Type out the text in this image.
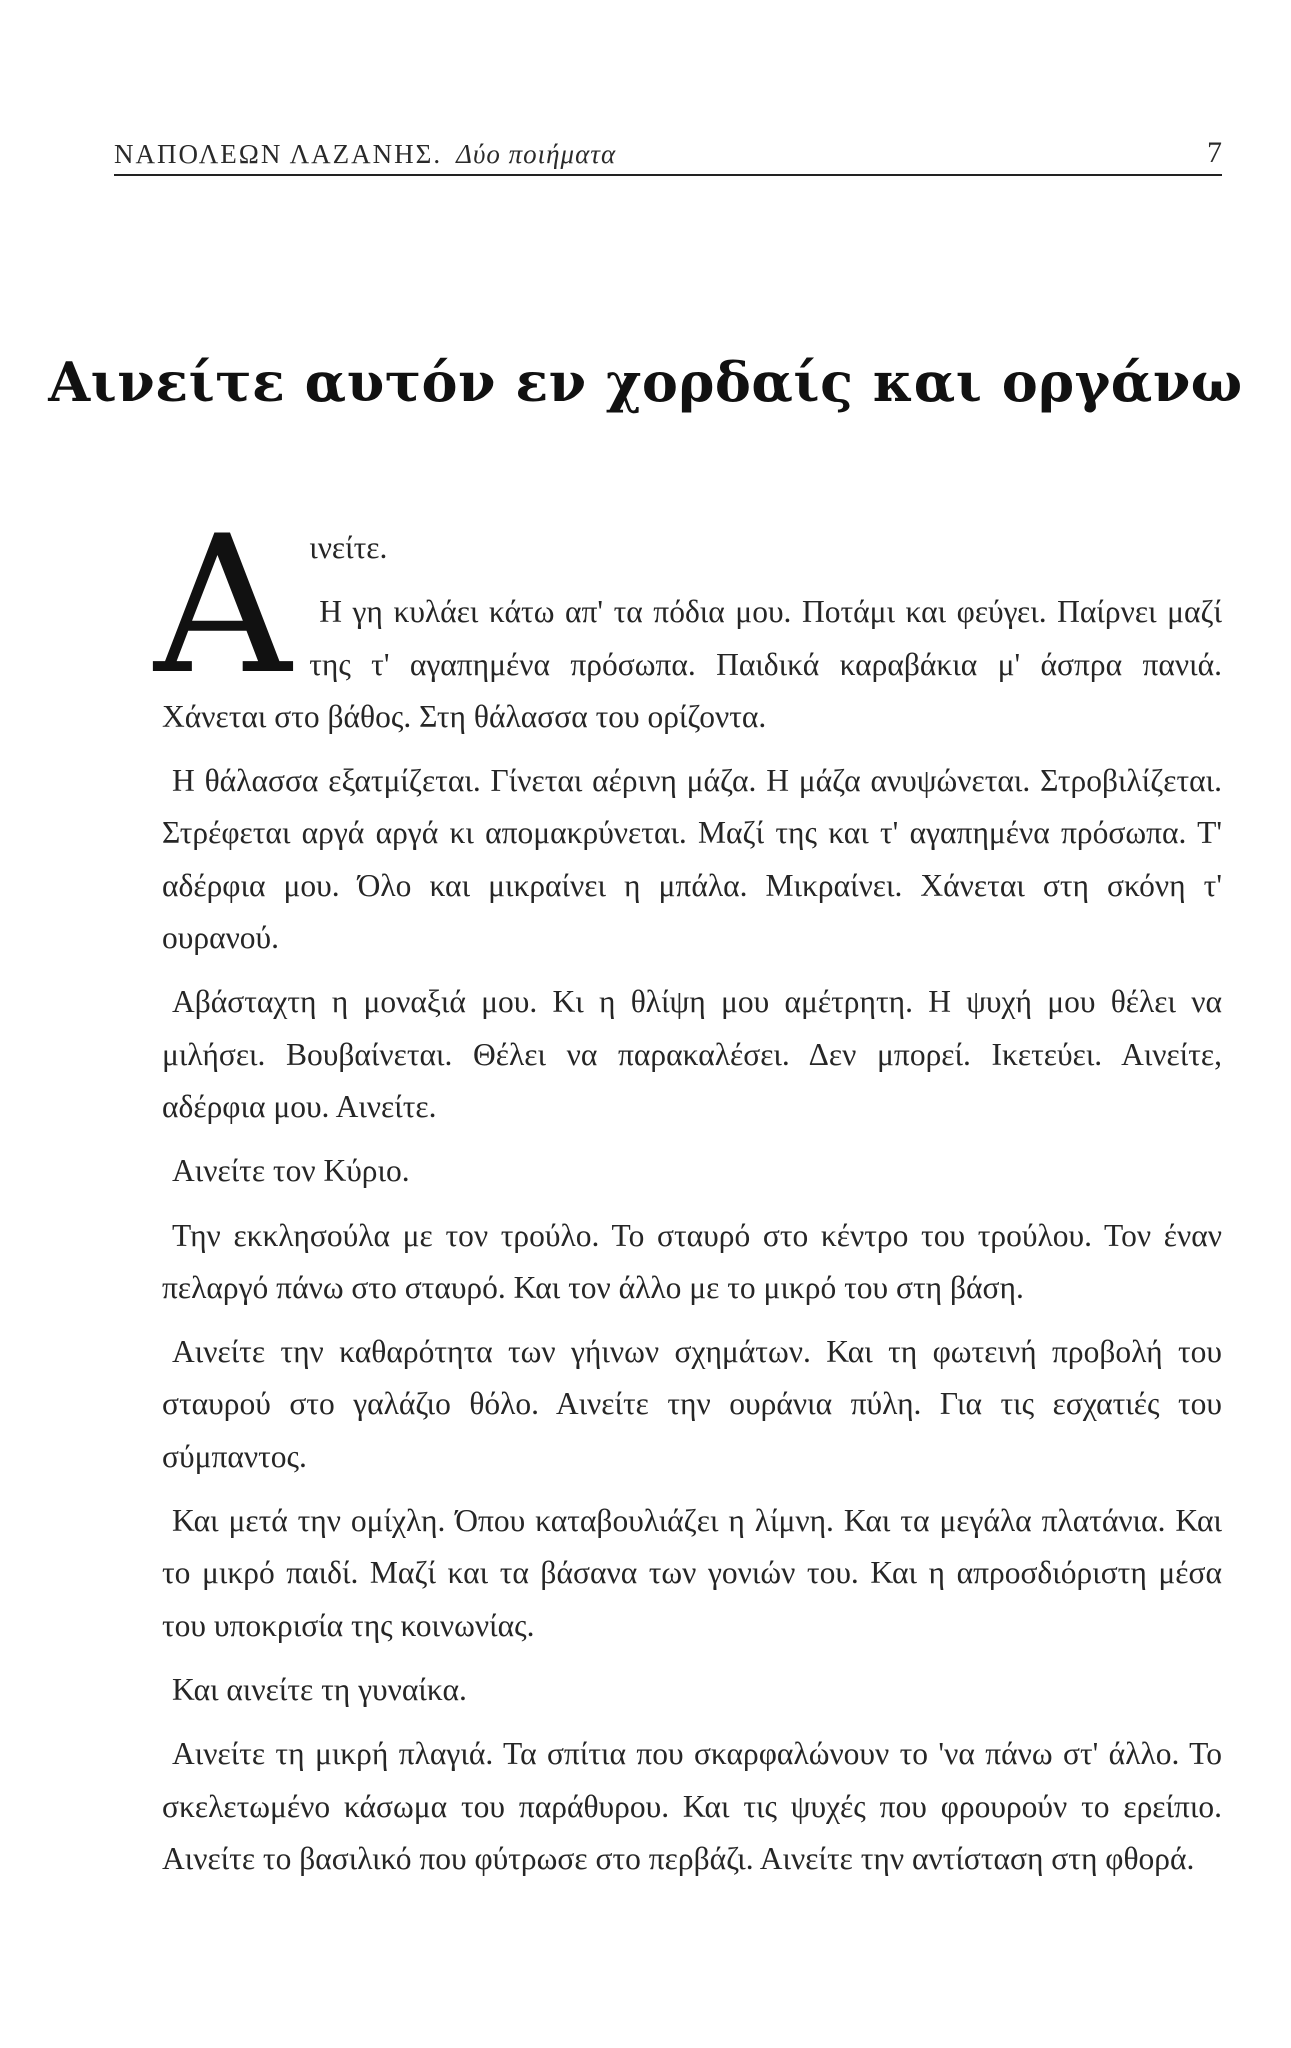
ΝΑΠΟΛΕΩΝ ΛΑΖΑΝΗΣ. Δύο ποιήματα	7
Αινείτε αυτόν εν χορδαίς και οργάνω
Α ινείτε.

Η γη κυλάει κάτω απ' τα πόδια μου. Ποτάμι και φεύγει. Παίρνει μαζί της τ' αγαπημένα πρόσωπα. Παιδικά καραβάκια μ' άσπρα πανιά. Χάνεται στο βάθος. Στη θάλασσα του ορίζοντα.

Η θάλασσα εξατμίζεται. Γίνεται αέρινη μάζα. Η μάζα ανυψώνεται. Στροβιλίζεται. Στρέφεται αργά αργά κι απομακρύνεται. Μαζί της και τ' αγαπημένα πρόσωπα. Τ' αδέρφια μου. Όλο και μικραίνει η μπάλα. Μικραίνει. Χάνεται στη σκόνη τ' ουρανού.

Αβάσταχτη η μοναξιά μου. Κι η θλίψη μου αμέτρητη. Η ψυχή μου θέλει να μιλήσει. Βουβαίνεται. Θέλει να παρακαλέσει. Δεν μπορεί. Ικετεύει. Αινείτε, αδέρφια μου. Αινείτε.

Αινείτε τον Κύριο.

Την εκκλησούλα με τον τρούλο. Το σταυρό στο κέντρο του τρούλου. Τον έναν πελαργό πάνω στο σταυρό. Και τον άλλο με το μικρό του στη βάση.

Αινείτε την καθαρότητα των γήινων σχημάτων. Και τη φωτεινή προβολή του σταυρού στο γαλάζιο θόλο. Αινείτε την ουράνια πύλη. Για τις εσχατιές του σύμπαντος.

Και μετά την ομίχλη. Όπου καταβουλιάζει η λίμνη. Και τα μεγάλα πλατάνια. Και το μικρό παιδί. Μαζί και τα βάσανα των γονιών του. Και η απροσδιόριστη μέσα του υποκρισία της κοινωνίας.

Και αινείτε τη γυναίκα.

Αινείτε τη μικρή πλαγιά. Τα σπίτια που σκαρφαλώνουν το 'να πάνω στ' άλλο. Το σκελετωμένο κάσωμα του παράθυρου. Και τις ψυχές που φρουρούν το ερείπιο. Αινείτε το βασιλικό που φύτρωσε στο περβάζι. Αινείτε την αντίσταση στη φθορά.
